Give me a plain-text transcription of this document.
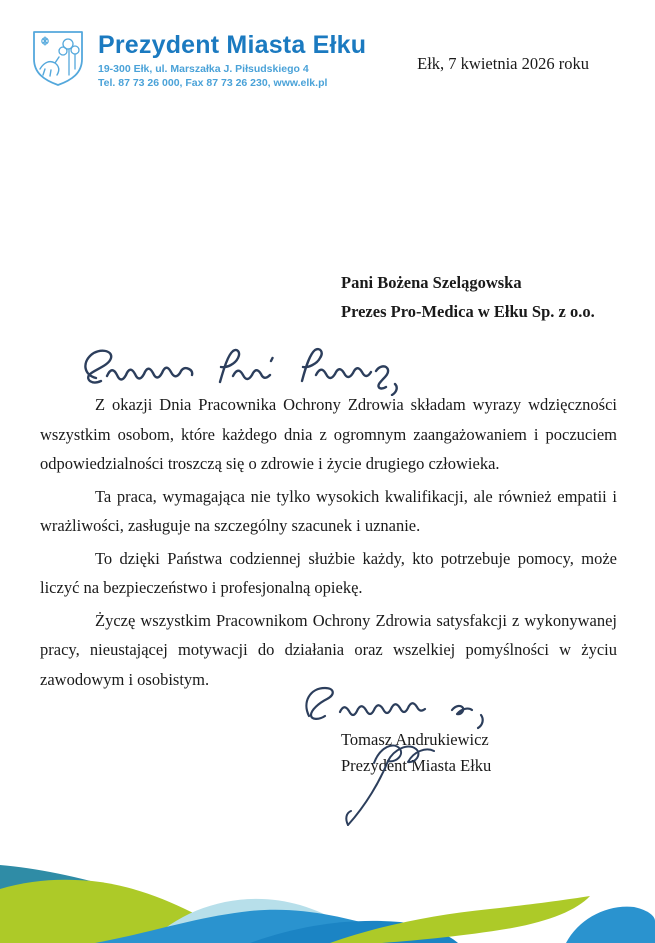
Prezydent Miasta Ełku
19-300 Ełk, ul. Marszałka J. Piłsudskiego 4
Tel. 87 73 26 000, Fax 87 73 26 230, www.elk.pl
Ełk, 7 kwietnia 2026 roku
Pani Bożena Szelągowska
Prezes Pro-Medica w Ełku Sp. z o.o.

Z okazji Dnia Pracownika Ochrony Zdrowia składam wyrazy wdzięczności wszystkim osobom, które każdego dnia z ogromnym zaangażowaniem i poczuciem odpowiedzialności troszczą się o zdrowie i życie drugiego człowieka.

Ta praca, wymagająca nie tylko wysokich kwalifikacji, ale również empatii i wrażliwości, zasługuje na szczególny szacunek i uznanie.

To dzięki Państwa codziennej służbie każdy, kto potrzebuje pomocy, może liczyć na bezpieczeństwo i profesjonalną opiekę.

Życzę wszystkim Pracownikom Ochrony Zdrowia satysfakcji z wykonywanej pracy, nieustającej motywacji do działania oraz wszelkiej pomyślności w życiu zawodowym i osobistym.

Tomasz Andrukiewicz
Prezydent Miasta Ełku
